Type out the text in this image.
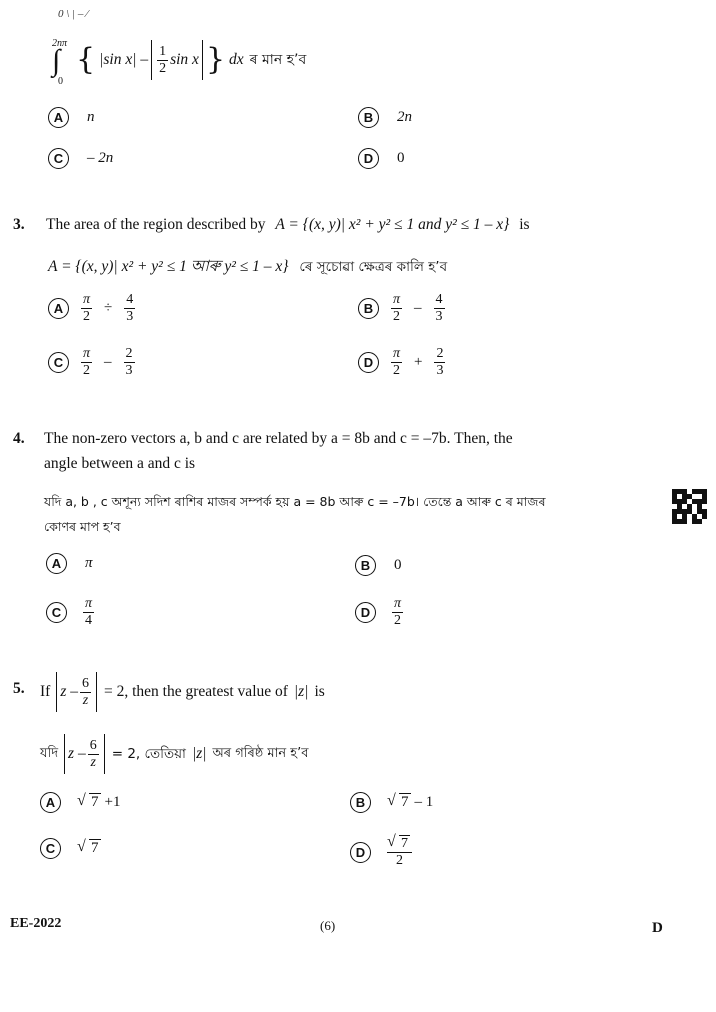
0 \ | – ⁄
2nπ
∫
0
{ |sin $x| - \frac{1}{2}$ sin x } dx ৰ মান হ’ব
A	n	B	2n
C	– 2n	D	0
3. The area of the region described by A = {(x, y)| x² + y² ≤ 1 and y² ≤ 1 – x} is
A = {(x, y)| x² + y² ≤ 1 আৰু y² ≤ 1 – x} ৰে সূচোৱা ক্ষেত্ৰৰ কালি হ’ব
A	$\frac{\pi}{2} \div \frac{4}{3}$	B	$\frac{\pi}{2} - \frac{4}{3}$
C	$\frac{\pi}{2} - \frac{2}{3}$	D	$\frac{\pi}{2} + \frac{2}{3}$
4. The non-zero vectors a, b and c are related by a = 8b and c = –7b. Then, the
angle between a and c is
যদি a, b , c অশূন্য সদিশ ৰাশিৰ মাজৰ সম্পৰ্ক হয় a = 8b আৰু c = –7b। তেন্তে a আৰু c ৰ মাজৰ
কোণৰ মাপ হ’ব
A	π	B	0
C	$\frac{\pi}{4}$	D	$\frac{\pi}{2}$
5. If $z - \frac{6}{z} = 2$, then the greatest value of |z| is
যদি $z - \frac{6}{z} = 2$, তেতিয়া |z| অৰ গৰিষ্ঠ মান হ’ব
A	√ 7 +1	B	√ 7 – 1
C	√ 7	D	√ $\frac{7}{2}$
EE-2022	(6)	D
